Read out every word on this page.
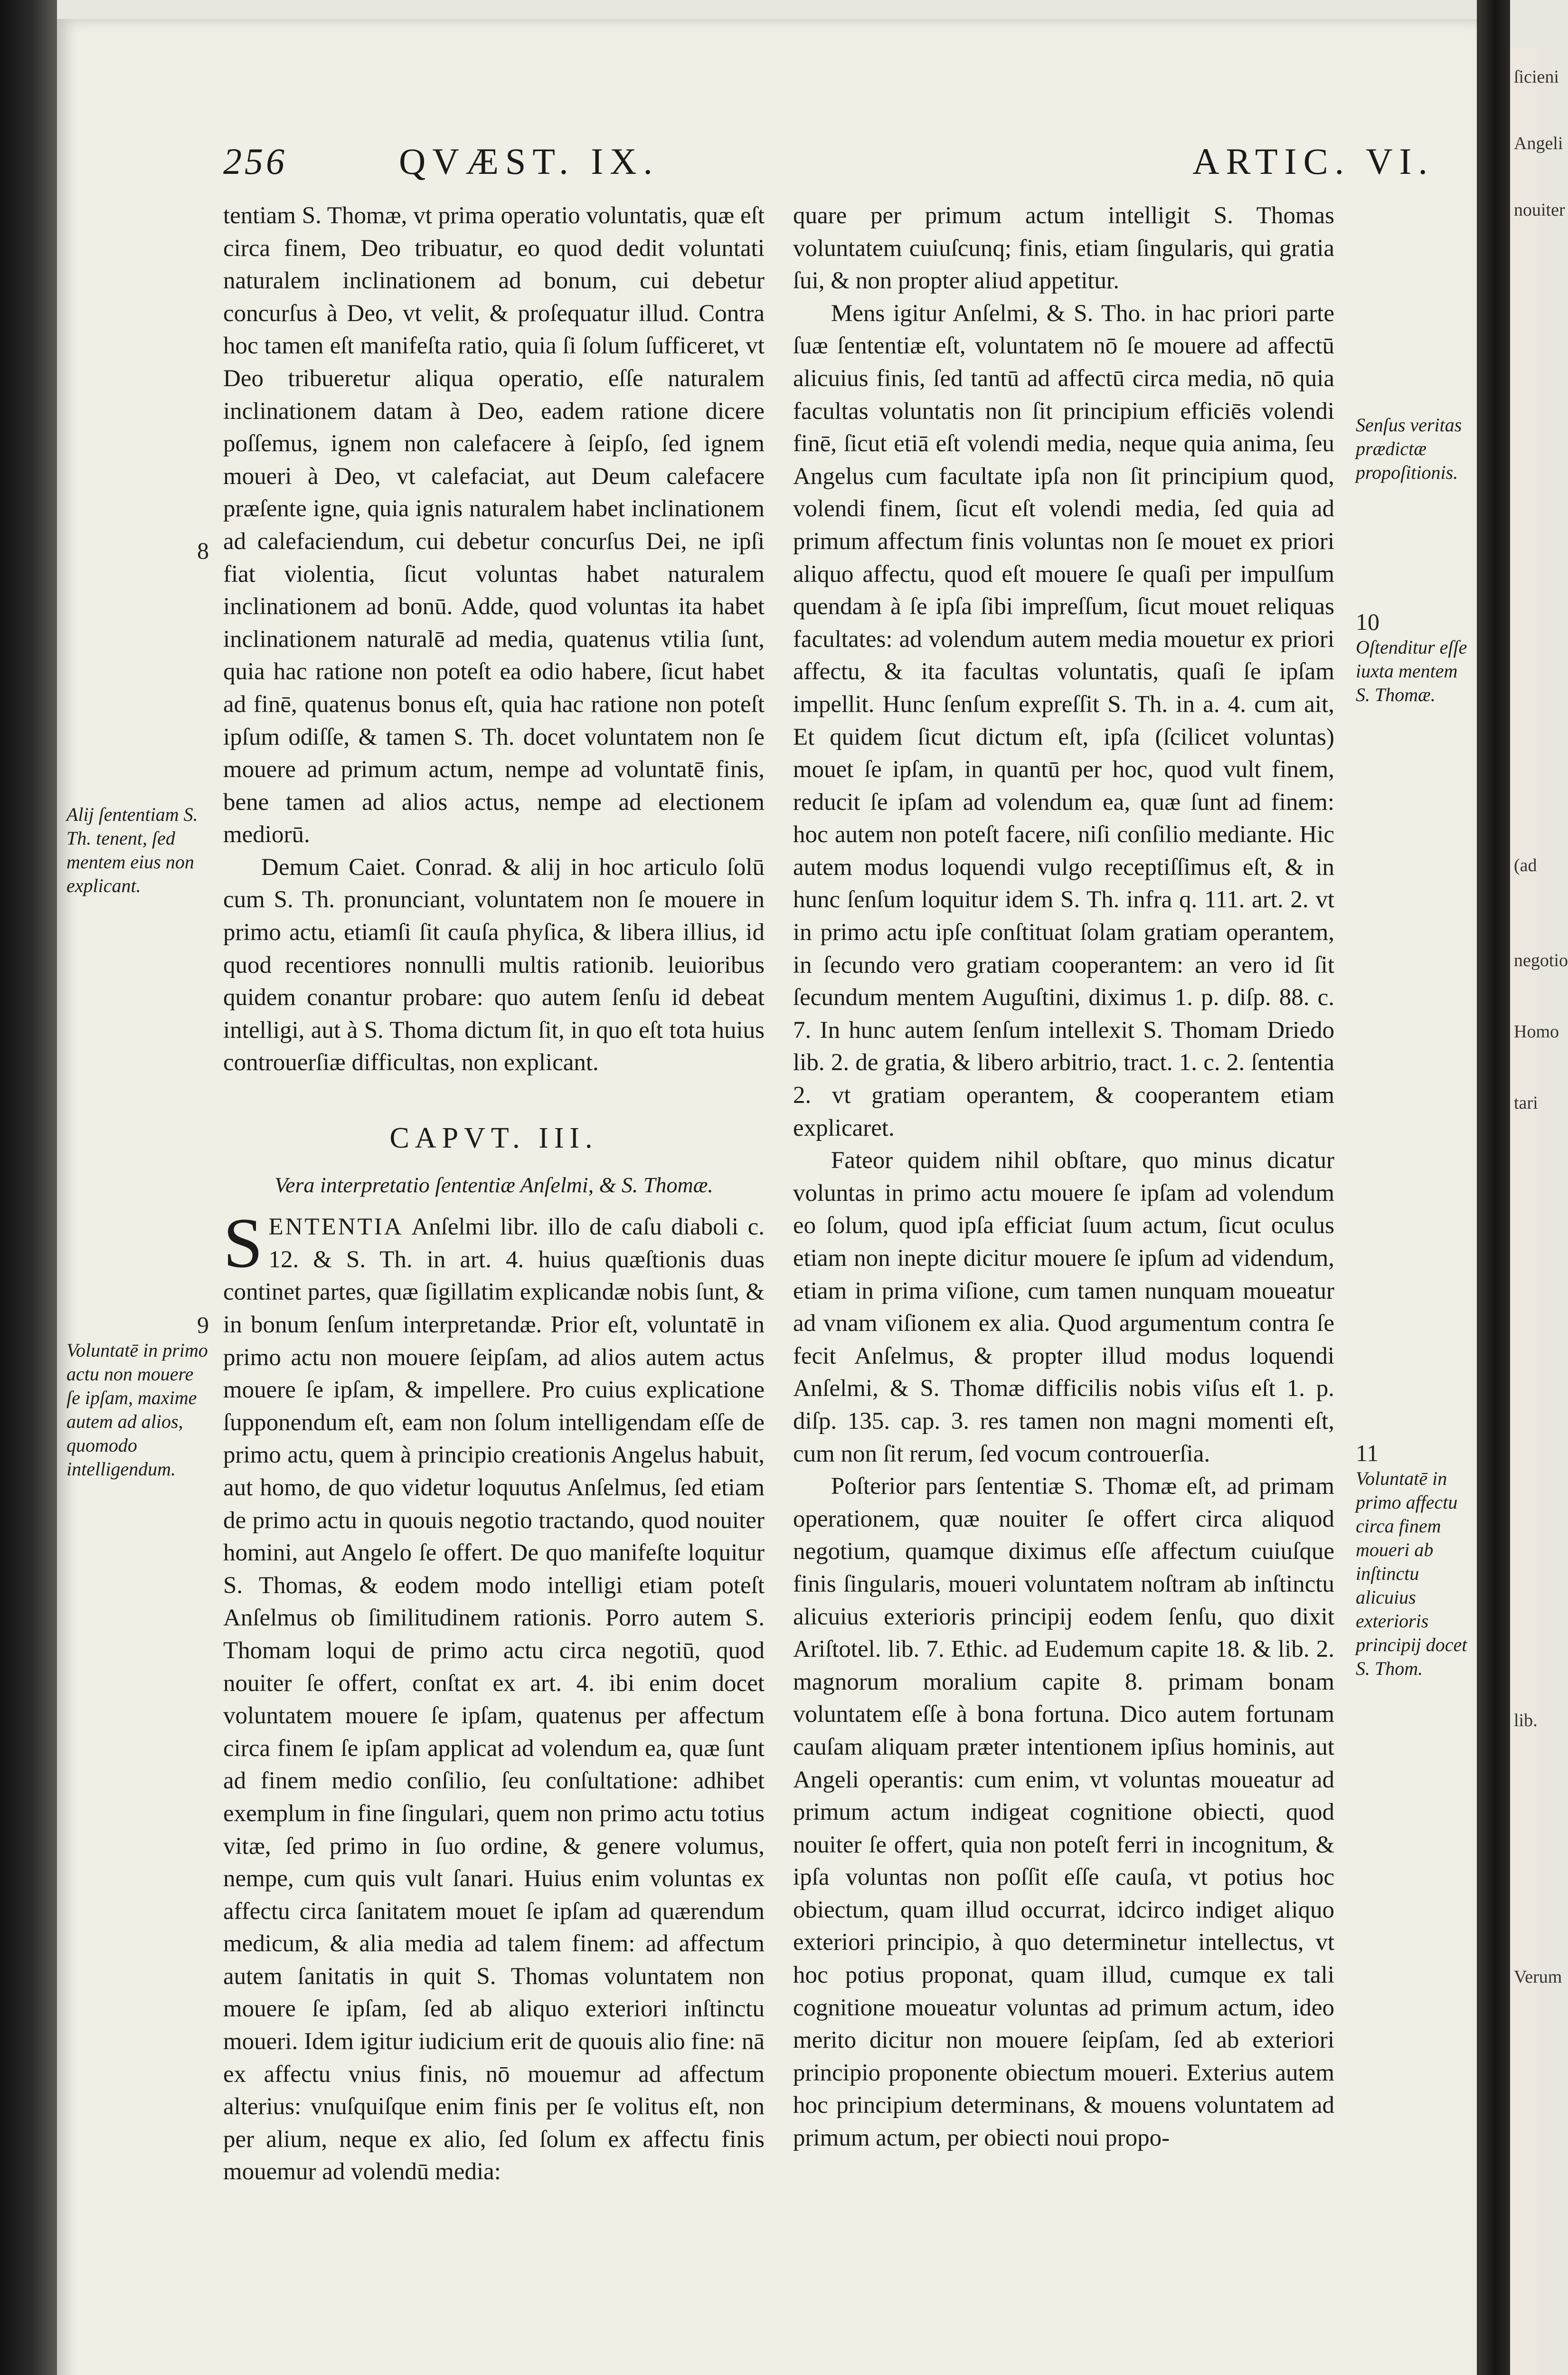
ſicieni
Angeli
nouiter
(ad
negotio
Homo
tari
lib.
Verum
256	QVÆST. IX.	ARTIC. VI.

tentiam S. Thomæ, vt prima operatio voluntatis, quæ eſt circa finem, Deo tribuatur, eo quod dedit voluntati naturalem inclinationem ad bonum, cui debetur concurſus à Deo, vt velit, & proſequatur illud. Contra hoc tamen eſt manifeſta ratio, quia ſi ſolum ſufficeret, vt Deo tribueretur aliqua operatio, eſſe naturalem inclinationem datam à Deo, eadem ratione dicere poſſemus, ignem non calefacere à ſeipſo, ſed ignem moueri à Deo, vt calefaciat, aut Deum calefacere præſente igne, quia ignis naturalem habet inclinationem ad calefaciendum, cui debetur concurſus Dei, ne ipſi fiat violentia, ſicut voluntas habet naturalem inclinationem ad bonū. Adde, quod voluntas ita habet inclinationem naturalē ad media, quatenus vtilia ſunt, quia hac ratione non poteſt ea odio habere, ſicut habet ad finē, quatenus bonus eſt, quia hac ratione non poteſt ipſum odiſſe, & tamen S. Th. docet voluntatem non ſe mouere ad primum actum, nempe ad voluntatē finis, bene tamen ad alios actus, nempe ad electionem mediorū.

Demum Caiet. Conrad. & alij in hoc articulo ſolū cum S. Th. pronunciant, voluntatem non ſe mouere in primo actu, etiamſi ſit cauſa phyſica, & libera illius, id quod recentiores nonnulli multis rationib. leuioribus quidem conantur probare: quo autem ſenſu id debeat intelligi, aut à S. Thoma dictum ſit, in quo eſt tota huius controuerſiæ difficultas, non explicant.

CAPVT. III.
Vera interpretatio ſententiæ Anſelmi, & S. Thomæ.

SENTENTIA Anſelmi libr. illo de caſu diaboli c. 12. & S. Th. in art. 4. huius quæſtionis duas continet partes, quæ ſigillatim explicandæ nobis ſunt, & in bonum ſenſum interpretandæ. Prior eſt, voluntatē in primo actu non mouere ſeipſam, ad alios autem actus mouere ſe ipſam, & impellere. Pro cuius explicatione ſupponendum eſt, eam non ſolum intelligendam eſſe de primo actu, quem à principio creationis Angelus habuit, aut homo, de quo videtur loquutus Anſelmus, ſed etiam de primo actu in quouis negotio tractando, quod nouiter homini, aut Angelo ſe offert. De quo manifeſte loquitur S. Thomas, & eodem modo intelligi etiam poteſt Anſelmus ob ſimilitudinem rationis. Porro autem S. Thomam loqui de primo actu circa negotiū, quod nouiter ſe offert, conſtat ex art. 4. ibi enim docet voluntatem mouere ſe ipſam, quatenus per affectum circa finem ſe ipſam applicat ad volendum ea, quæ ſunt ad finem medio conſilio, ſeu conſultatione: adhibet exemplum in fine ſingulari, quem non primo actu totius vitæ, ſed primo in ſuo ordine, & genere volumus, nempe, cum quis vult ſanari. Huius enim voluntas ex affectu circa ſanitatem mouet ſe ipſam ad quærendum medicum, & alia media ad talem finem: ad affectum autem ſanitatis in quit S. Thomas voluntatem non mouere ſe ipſam, ſed ab aliquo exteriori inſtinctu moueri. Idem igitur iudicium erit de quouis alio fine: nā ex affectu vnius finis, nō mouemur ad affectum alterius: vnuſquiſque enim finis per ſe volitus eſt, non per alium, neque ex alio, ſed ſolum ex affectu finis mouemur ad volendū media:

quare per primum actum intelligit S. Thomas voluntatem cuiuſcunq; finis, etiam ſingularis, qui gratia ſui, & non propter aliud appetitur.

Mens igitur Anſelmi, & S. Tho. in hac priori parte ſuæ ſententiæ eſt, voluntatem nō ſe mouere ad affectū alicuius finis, ſed tantū ad affectū circa media, nō quia facultas voluntatis non ſit principium efficiēs volendi finē, ſicut etiā eſt volendi media, neque quia anima, ſeu Angelus cum facultate ipſa non ſit principium quod, volendi finem, ſicut eſt volendi media, ſed quia ad primum affectum finis voluntas non ſe mouet ex priori aliquo affectu, quod eſt mouere ſe quaſi per impulſum quendam à ſe ipſa ſibi impreſſum, ſicut mouet reliquas facultates: ad volendum autem media mouetur ex priori affectu, & ita facultas voluntatis, quaſi ſe ipſam impellit. Hunc ſenſum expreſſit S. Th. in a. 4. cum ait, Et quidem ſicut dictum eſt, ipſa (ſcilicet voluntas) mouet ſe ipſam, in quantū per hoc, quod vult finem, reducit ſe ipſam ad volendum ea, quæ ſunt ad finem: hoc autem non poteſt facere, niſi conſilio mediante. Hic autem modus loquendi vulgo receptiſſimus eſt, & in hunc ſenſum loquitur idem S. Th. infra q. 111. art. 2. vt in primo actu ipſe conſtituat ſolam gratiam operantem, in ſecundo vero gratiam cooperantem: an vero id ſit ſecundum mentem Auguſtini, diximus 1. p. diſp. 88. c. 7. In hunc autem ſenſum intellexit S. Thomam Driedo lib. 2. de gratia, & libero arbitrio, tract. 1. c. 2. ſententia 2. vt gratiam operantem, & cooperantem etiam explicaret.

Fateor quidem nihil obſtare, quo minus dicatur voluntas in primo actu mouere ſe ipſam ad volendum eo ſolum, quod ipſa efficiat ſuum actum, ſicut oculus etiam non inepte dicitur mouere ſe ipſum ad videndum, etiam in prima viſione, cum tamen nunquam moueatur ad vnam viſionem ex alia. Quod argumentum contra ſe fecit Anſelmus, & propter illud modus loquendi Anſelmi, & S. Thomæ difficilis nobis viſus eſt 1. p. diſp. 135. cap. 3. res tamen non magni momenti eſt, cum non ſit rerum, ſed vocum controuerſia.

Poſterior pars ſententiæ S. Thomæ eſt, ad primam operationem, quæ nouiter ſe offert circa aliquod negotium, quamque diximus eſſe affectum cuiuſque finis ſingularis, moueri voluntatem noſtram ab inſtinctu alicuius exterioris principij eodem ſenſu, quo dixit Ariſtotel. lib. 7. Ethic. ad Eudemum capite 18. & lib. 2. magnorum moralium capite 8. primam bonam voluntatem eſſe à bona fortuna. Dico autem fortunam cauſam aliquam præter intentionem ipſius hominis, aut Angeli operantis: cum enim, vt voluntas moueatur ad primum actum indigeat cognitione obiecti, quod nouiter ſe offert, quia non poteſt ferri in incognitum, & ipſa voluntas non poſſit eſſe cauſa, vt potius hoc obiectum, quam illud occurrat, idcirco indiget aliquo exteriori principio, à quo determinetur intellectus, vt hoc potius proponat, quam illud, cumque ex tali cognitione moueatur voluntas ad primum actum, ideo merito dicitur non mouere ſeipſam, ſed ab exteriori principio proponente obiectum moueri. Exterius autem hoc principium determinans, & mouens voluntatem ad primum actum, per obiecti noui propo-

8
Alij ſententiam S. Th. tenent, ſed mentem eius non explicant.
9
Voluntatē in primo actu non mouere ſe ipſam, maxime autem ad alios, quomodo intelligendum.
Senſus veritas prædictæ propoſitionis.
10
Oſtenditur eſſe iuxta mentem S. Thomæ.
11
Voluntatē in primo affectu circa finem moueri ab inſtinctu alicuius exterioris principij docet S. Thom.
